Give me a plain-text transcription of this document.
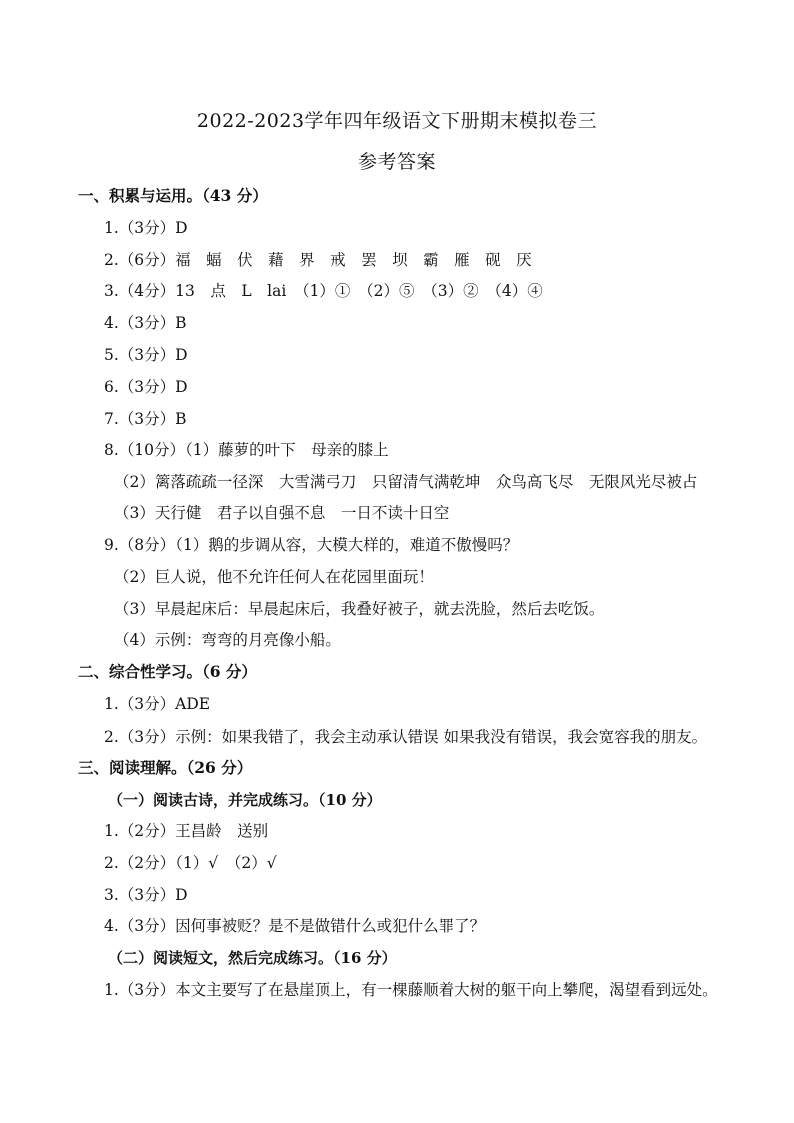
2022-2023学年四年级语文下册期末模拟卷三
参考答案
一、积累与运用。（43 分）
1.（3分）D
2.（6分）福　蝠　伏　藉　界　戒　罢　坝　霸　雁　砚　厌
3.（4分）13　点　L　lai　（1）①　（2）⑤　（3）②　（4）④
4.（3分）B
5.（3分）D
6.（3分）D
7.（3分）B
8.（10分）（1）藤萝的叶下　母亲的膝上
（2）篱落疏疏一径深　大雪满弓刀　只留清气满乾坤　众鸟高飞尽　无限风光尽被占
（3）天行健　君子以自强不息　一日不读十日空
9.（8分）（1）鹅的步调从容，大模大样的，难道不傲慢吗？
（2）巨人说，他不允许任何人在花园里面玩！
（3）早晨起床后：早晨起床后，我叠好被子，就去洗脸，然后去吃饭。
（4）示例：弯弯的月亮像小船。
二、综合性学习。（6 分）
1.（3分）ADE
2.（3分）示例：如果我错了，我会主动承认错误 如果我没有错误，我会宽容我的朋友。
三、阅读理解。（26 分）
（一）阅读古诗，并完成练习。（10 分）
1.（2分）王昌龄　送别
2.（2分）（1）√　（2）√
3.（3分）D
4.（3分）因何事被贬？是不是做错什么或犯什么罪了？
（二）阅读短文，然后完成练习。（16 分）
1.（3分）本文主要写了在悬崖顶上，有一棵藤顺着大树的躯干向上攀爬，渴望看到远处。
